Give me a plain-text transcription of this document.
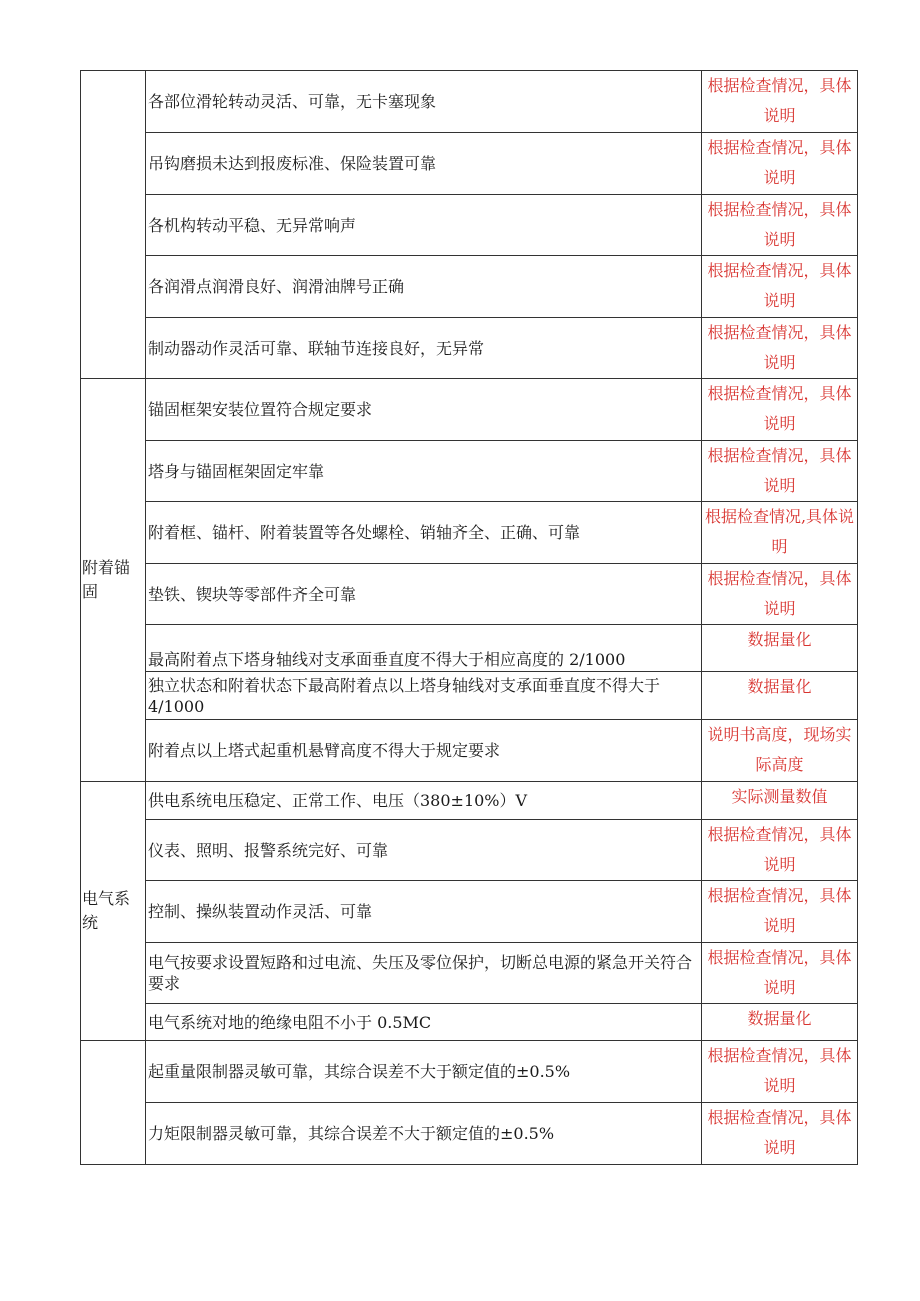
	各部位滑轮转动灵活、可靠，无卡塞现象	根据检查情况，具体说明
	吊钩磨损未达到报废标准、保险装置可靠	根据检查情况，具体说明
	各机构转动平稳、无异常响声	根据检查情况，具体说明
	各润滑点润滑良好、润滑油牌号正确	根据检查情况，具体说明
	制动器动作灵活可靠、联轴节连接良好，无异常	根据检查情况，具体说明
附着锚固	锚固框架安装位置符合规定要求	根据检查情况，具体说明
	塔身与锚固框架固定牢靠	根据检查情况，具体说明
	附着框、锚杆、附着装置等各处螺栓、销轴齐全、正确、可靠	根据检查情况,具体说明
	垫铁、锲块等零部件齐全可靠	根据检查情况，具体说明
	最高附着点下塔身轴线对支承面垂直度不得大于相应高度的 2/1000	数据量化
	独立状态和附着状态下最高附着点以上塔身轴线对支承面垂直度不得大于 4/1000	数据量化
	附着点以上塔式起重机悬臂高度不得大于规定要求	说明书高度，现场实际高度
电气系统	供电系统电压稳定、正常工作、电压（380±10%）V	实际测量数值
	仪表、照明、报警系统完好、可靠	根据检查情况，具体说明
	控制、操纵装置动作灵活、可靠	根据检查情况，具体说明
	电气按要求设置短路和过电流、失压及零位保护，切断总电源的紧急开关符合要求	根据检查情况，具体说明
	电气系统对地的绝缘电阻不小于 0.5MC	数据量化
	起重量限制器灵敏可靠，其综合误差不大于额定值的±0.5%	根据检查情况，具体说明
	力矩限制器灵敏可靠，其综合误差不大于额定值的±0.5%	根据检查情况，具体说明
